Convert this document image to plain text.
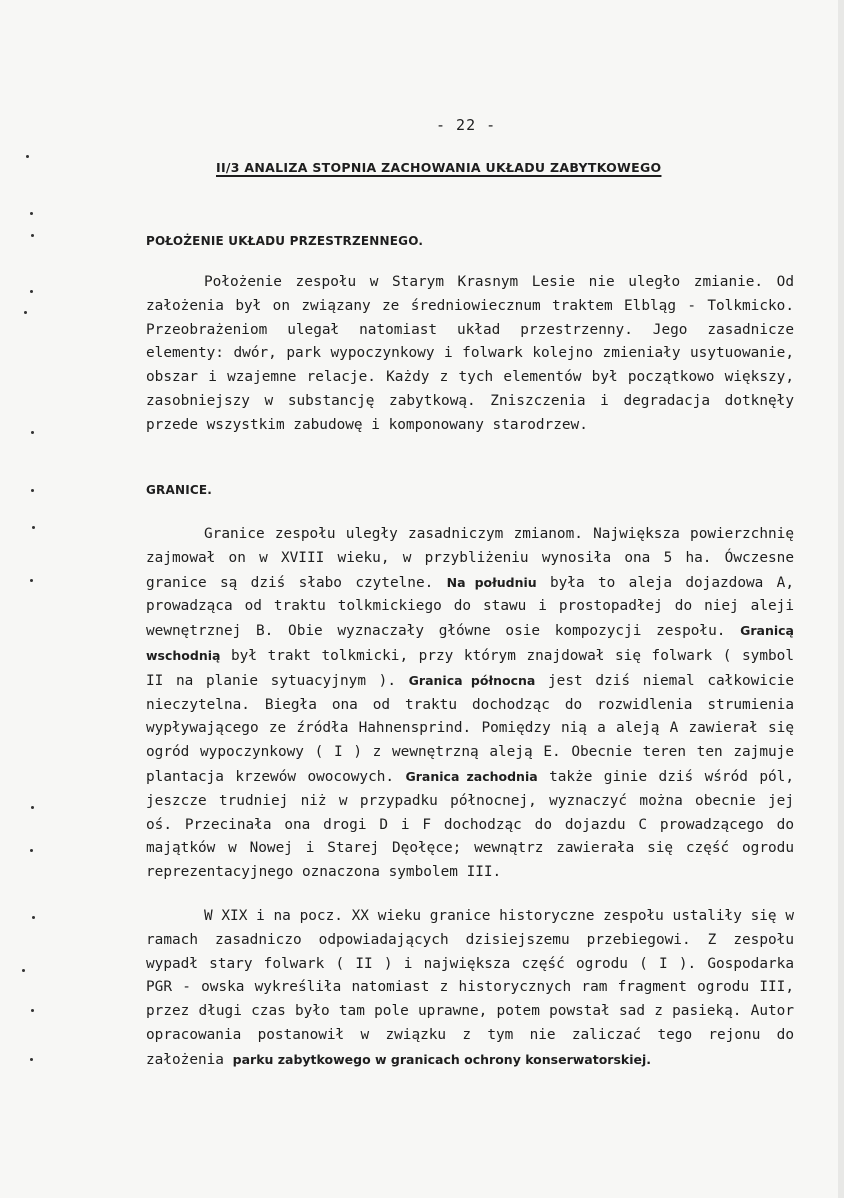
- 22 -
II/3 ANALIZA STOPNIA ZACHOWANIA UKŁADU ZABYTKOWEGO
POŁOŻENIE UKŁADU PRZESTRZENNEGO.
Położenie zespołu w Starym Krasnym Lesie nie uległo zmianie. Od założenia był on związany ze średniowiecznum traktem Elbląg - Tolkmicko. Przeobrażeniom ulegał natomiast układ przestrzenny. Jego zasadnicze elementy: dwór, park wypoczynkowy i folwark kolejno zmieniały usytuowanie, obszar i wzajemne relacje. Każdy z tych elementów był początkowo większy, zasobniejszy w substancję zabytkową. Zniszczenia i degradacja dotknęły przede wszystkim zabudowę i komponowany starodrzew.
GRANICE.
Granice zespołu uległy zasadniczym zmianom. Największa powierzchnię zajmował on w XVIII wieku, w przybliżeniu wynosiła ona 5 ha. Ówczesne granice są dziś słabo czytelne. Na południu była to aleja dojazdowa A, prowadząca od traktu tolkmickiego do stawu i prostopadłej do niej aleji wewnętrznej B. Obie wyznaczały główne osie kompozycji zespołu. Granicą wschodnią był trakt tolkmicki, przy którym znajdował się folwark ( symbol II na planie sytuacyjnym ). Granica północna jest dziś niemal całkowicie nieczytelna. Biegła ona od traktu dochodząc do rozwidlenia strumienia wypływającego ze źródła Hahnensprind. Pomiędzy nią a aleją A zawierał się ogród wypoczynkowy ( I ) z wewnętrzną aleją E. Obecnie teren ten zajmuje plantacja krzewów owocowych. Granica zachodnia także ginie dziś wśród pól, jeszcze trudniej niż w przypadku północnej, wyznaczyć można obecnie jej oś. Przecinała ona drogi D i F dochodząc do dojazdu C prowadzącego do majątków w Nowej i Starej Dęołęce; wewnątrz zawierała się część ogrodu reprezentacyjnego oznaczona symbolem III.
W XIX i na pocz. XX wieku granice historyczne zespołu ustaliły się w ramach zasadniczo odpowiadających dzisiejszemu przebiegowi. Z zespołu wypadł stary folwark ( II ) i największa część ogrodu ( I ). Gospodarka PGR - owska wykreśliła natomiast z historycznych ram fragment ogrodu III, przez długi czas było tam pole uprawne, potem powstał sad z pasieką. Autor opracowania postanowił w związku z tym nie zaliczać tego rejonu do założenia parku zabytkowego w granicach ochrony konserwatorskiej.
